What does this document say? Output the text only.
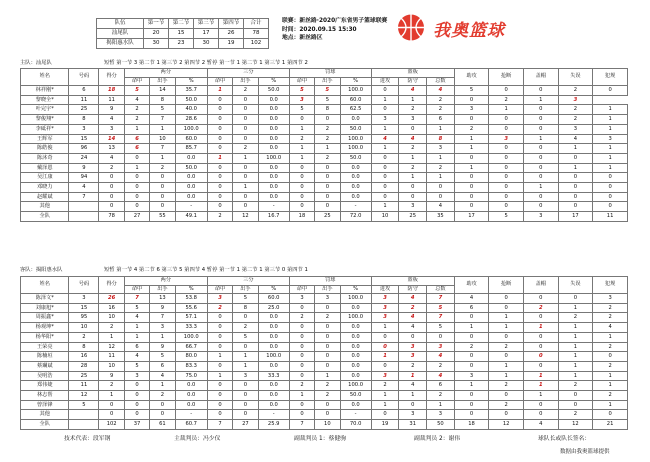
队伍	第一节	第二节	第三节	第四节	合计
汕尾队	20	15	17	26	78
揭阳惠水队	30	23	30	19	102
联赛：新丝路·2020广东省男子篮球联赛
时间：2020.09.15 15:30
地点：新丝路区	我奥篮球
主队：汕尾队	短暂 第一节 3 第二节 1 第三节 2 第四节 2 暂停 第一节 1 第二节 1 第三节 1 第四节 2
姓名	号码	得分	两分			三分			罚球			篮板			助攻	抢断	盖帽	失误	犯规
			命中	出手	%	命中	出手	%	命中	出手	%	进攻	防守	总数					
林祥刚*	6	18	5	14	35.7	1	2	50.0	5	5	100.0	0	4	4	5	0	0	2	0
黎晓全*	11	11	4	8	50.0	0	0	0.0	3	5	60.0	1	1	2	0	2	1	3	
叶完宇*	25	9	2	5	40.0	0	0	0.0	5	8	62.5	0	2	2	3	1	0	2	1
黎俊翔*	8	4	2	7	28.6	0	0	0.0	0	0	0.0	3	3	6	0	0	0	2	1
李砥祥*	3	3	1	1	100.0	0	0	0.0	1	2	50.0	1	0	1	2	0	0	3	1
王辉军	15	14	6	10	60.0	0	0	0.0	2	2	100.0	4	4	8	1	3	1	4	3
陈皓俊	96	13	6	7	85.7	0	2	0.0	1	1	100.0	1	2	3	1	0	0	1	1
陈沐奇	24	4	0	1	0.0	1	1	100.0	1	2	50.0	0	1	1	0	0	0	0	1
戴泽恩	9	2	1	2	50.0	0	0	0.0	0	0	0.0	0	2	2	1	0	0	1	1
吴江康	94	0	0	0	0.0	0	0	0.0	0	0	0.0	0	1	1	0	0	0	0	0
邓晓力	4	0	0	0	0.0	0	1	0.0	0	0	0.0	0	0	0	0	0	1	0	0
赵耀斌	7	0	0	0	0.0	0	0	0.0	0	0	0.0	0	0	0	0	0	0	0	0
其他		0	0	0	-	0	0	-	0	0	-	1	3	4	0	0	0	0	0
全队		78	27	55	49.1	2	12	16.7	18	25	72.0	10	25	35	17	5	3	17	11
客队：揭阳惠水队	短暂 第一节 4 第二节 6 第三节 5 第四节 4 暂停 第一节 1 第二节 1 第三节 0 第四节 1
姓名	号码	得分	两分			三分			罚球			篮板			助攻	抢断	盖帽	失误	犯规
			命中	出手	%	命中	出手	%	命中	出手	%	进攻	防守	总数					
陈泽文*	3	26	7	13	53.8	3	5	60.0	3	3	100.0	3	4	7	4	0	0	0	3
刘康旭*	15	16	5	9	55.6	2	8	25.0	0	0	0.0	3	2	5	6	0	2	1	2
周振鑫*	95	10	4	7	57.1	0	0	0.0	2	2	100.0	3	4	7	0	1	0	2	2
杨观坤*	10	2	1	3	33.3	0	2	0.0	0	0	0.0	1	4	5	1	1	1	1	4
杨华阳*	2	1	1	1	100.0	0	5	0.0	0	0	0.0	0	0	0	0	0	0	1	1
王荣亮	8	12	6	9	66.7	0	0	0.0	0	0	0.0	0	3	3	2	2	0	1	2
陈楠垣	16	11	4	5	80.0	1	1	100.0	0	0	0.0	1	3	4	0	0	0	1	0
蔡斓斌	28	10	5	6	83.3	0	1	0.0	0	0	0.0	0	2	2	0	1	0	1	2
吴明浩	25	9	3	4	75.0	1	3	33.3	0	1	0.0	3	1	4	3	1	1	1	1
郑伟婕	11	2	0	1	0.0	0	0	0.0	2	2	100.0	2	4	6	1	2	1	2	1
林志帮	12	1	0	2	0.0	0	0	0.0	1	2	50.0	1	1	2	0	0	1	0	2
曾泽锋	5	0	0	0	0.0	0	0	0.0	0	0	0.0	1	0	1	0	2	0	0	1
其他		0	0	0	-	0	0	-	0	0	-	0	3	3	0	0	0	2	0
全队		102	37	61	60.7	7	27	25.9	7	10	70.0	19	31	50	18	12	4	12	21
技术代表：段军钢	主裁判员：冯少仪	副裁判员 1：蔡健驹	副裁判员 2：谢伟	球队长或队长签名：
数据由我奥篮球提供
